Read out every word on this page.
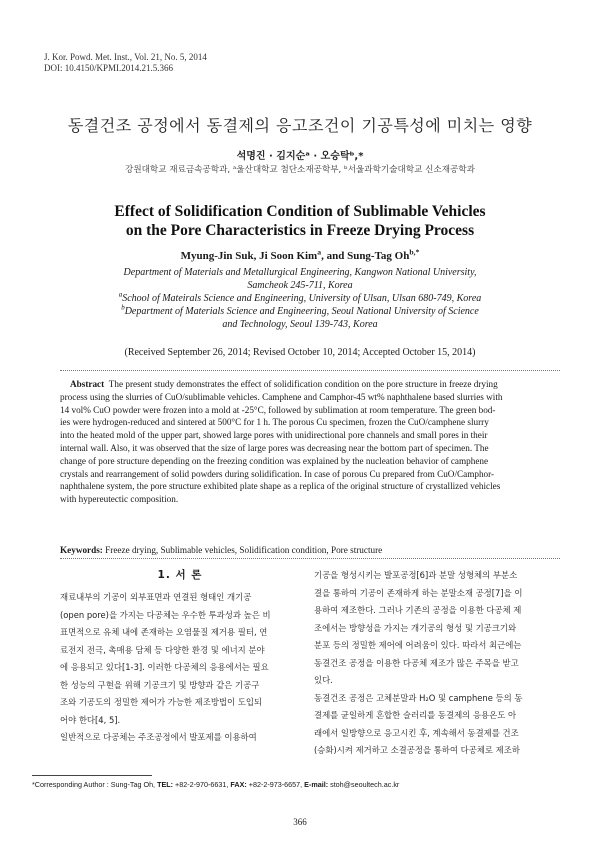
J. Kor. Powd. Met. Inst., Vol. 21, No. 5, 2014
DOI: 10.4150/KPMI.2014.21.5.366
동결건조 공정에서 동결제의 응고조건이 기공특성에 미치는 영향
석명진 · 김지순ᵃ · 오승탁ᵇ,*
강원대학교 재료금속공학과, ᵃ울산대학교 첨단소재공학부, ᵇ서울과학기술대학교 신소재공학과
Effect of Solidification Condition of Sublimable Vehicles
on the Pore Characteristics in Freeze Drying Process
Myung-Jin Suk, Ji Soon Kim$^a$, and Sung-Tag $Oh^{b,*}$
Department of Materials and Metallurgical Engineering, Kangwon National University,
Samcheok 245-711, Korea
$^a$School of Mateirals Science and Engineering, University of Ulsan, Ulsan 680-749, Korea
$^b$Department of Materials Science and Engineering, Seoul National University of Science
and Technology, Seoul 139-743, Korea
(Received September 26, 2014; Revised October 10, 2014; Accepted October 15, 2014)
Abstract The present study demonstrates the effect of solidification condition on the pore structure in freeze drying
process using the slurries of CuO/sublimable vehicles. Camphene and Camphor-45 wt% naphthalene based slurries with
14 vol% CuO powder were frozen into a mold at -25°C, followed by sublimation at room temperature. The green bod-
ies were hydrogen-reduced and sintered at 500°C for 1 h. The porous Cu specimen, frozen the CuO/camphene slurry
into the heated mold of the upper part, showed large pores with unidirectional pore channels and small pores in their
internal wall. Also, it was observed that the size of large pores was decreasing near the bottom part of specimen. The
change of pore structure depending on the freezing condition was explained by the nucleation behavior of camphene
crystals and rearrangement of solid powders during solidification. In case of porous Cu prepared from CuO/Camphor-
naphthalene system, the pore structure exhibited plate shape as a replica of the original structure of crystallized vehicles
with hypereutectic composition.
Keywords: Freeze drying, Sublimable vehicles, Solidification condition, Pore structure
1. 서 론
재료내부의 기공이 외부표면과 연결된 형태인 개기공
(open pore)을 가지는 다공체는 우수한 투과성과 높은 비
표면적으로 유체 내에 존재하는 오염물질 제거용 필터, 연
료전지 전극, 촉매용 담체 등 다양한 환경 및 에너지 분야
에 응용되고 있다[1-3]. 이러한 다공체의 응용에서는 필요
한 성능의 구현을 위해 기공크기 및 방향과 같은 기공구
조와 기공도의 정밀한 제어가 가능한 제조방법이 도입되
어야 한다[4, 5].
일반적으로 다공체는 주조공정에서 발포제를 이용하여
기공을 형성시키는 발포공정[6]과 분말 성형체의 부분소
결을 통하여 기공이 존재하게 하는 분말소재 공정[7]을 이
용하여 제조한다. 그러나 기존의 공정을 이용한 다공체 제
조에서는 방향성을 가지는 개기공의 형성 및 기공크기와
분포 등의 정밀한 제어에 어려움이 있다. 따라서 최근에는
동결건조 공정을 이용한 다공체 제조가 많은 주목을 받고
있다.
동결건조 공정은 고체분말과 H₂O 및 camphene 등의 동
결제를 균일하게 혼합한 슬러리를 동결제의 응용온도 아
래에서 일방향으로 응고시킨 후, 계속해서 동결제를 건조
(승화)시켜 제거하고 소결공정을 통하여 다공체로 제조하
*Corresponding Author : Sung-Tag Oh, TEL: +82-2-970-6631, FAX: +82-2-973-6657, E-mail: stoh@seoultech.ac.kr
366
